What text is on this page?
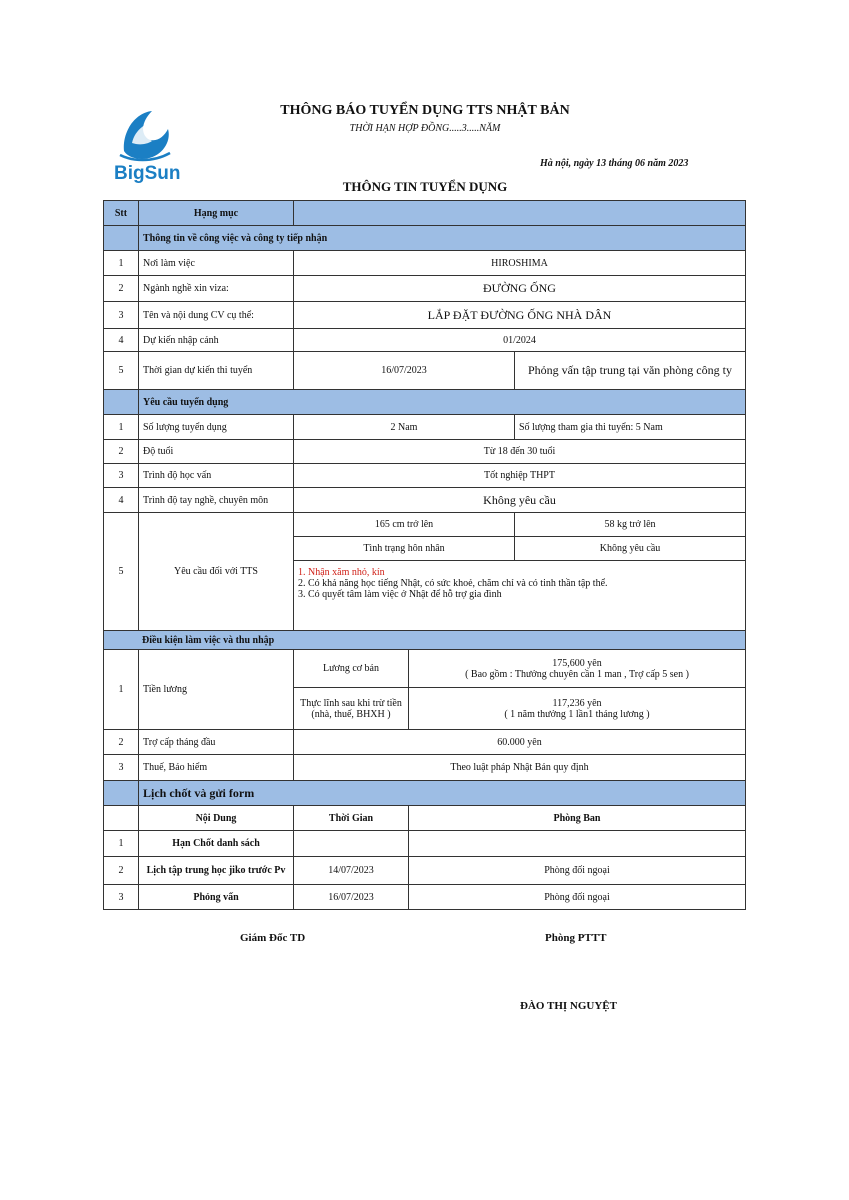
BigSun
THÔNG BÁO TUYỂN DỤNG TTS NHẬT BẢN
THỜI HẠN HỢP ĐỒNG.....3.....NĂM
Hà nội, ngày 13 tháng 06 năm 2023
THÔNG TIN TUYỂN DỤNG
Stt	Hạng mục			
	Thông tin về công việc và công ty tiếp nhận			
1	Nơi làm việc	HIROSHIMA		
2	Ngành nghề xin viza:	ĐƯỜNG ỐNG		
3	Tên và nội dung CV cụ thể:	LẮP ĐẶT ĐƯỜNG ỐNG NHÀ DÂN		
4	Dự kiến nhập cảnh	01/2024		
5	Thời gian dự kiến thi tuyển	16/07/2023		Phỏng vấn tập trung tại văn phòng công ty
	Yêu cầu tuyển dụng			
1	Số lượng tuyển dụng	2 Nam		Số lượng tham gia thi tuyển: 5 Nam
2	Độ tuổi	Từ 18 đến 30 tuổi		
3	Trình độ học vấn	Tốt nghiệp THPT		
4	Trình độ tay nghề, chuyên môn	Không yêu cầu		
5	Yêu cầu đối với TTS	165 cm trở lên		58 kg trở lên
		Tình trạng hôn nhân		Không yêu cầu

		1. Nhận xăm nhỏ, kín
2. Có khả năng học tiếng Nhật, có sức khoẻ, chăm chỉ và có tinh thần tập thể.
3. Có quyết tâm làm việc ở Nhật để hỗ trợ gia đình		

Điều kiện làm việc và thu nhập				
1	Tiền lương	Lương cơ bản	175,600 yên
( Bao gồm : Thưởng chuyên cần 1 man , Trợ cấp 5 sen )	

		Thực lĩnh sau khi trừ tiền (nhà, thuế, BHXH )	117,236 yên
( 1 năm thưởng 1 lần1 tháng lương )	

2	Trợ cấp tháng đầu	60.000 yên		
3	Thuế, Bảo hiểm	Theo luật pháp Nhật Bản quy định		
	Lịch chốt và gửi form			
	Nội Dung	Thời Gian	Phòng Ban	
1	Hạn Chốt danh sách			
2	Lịch tập trung học jiko trước Pv	14/07/2023	Phòng đối ngoại	
3	Phỏng vấn	16/07/2023	Phòng đối ngoại	
Giám Đốc TD	Phòng PTTT
ĐÀO THỊ NGUYỆT
